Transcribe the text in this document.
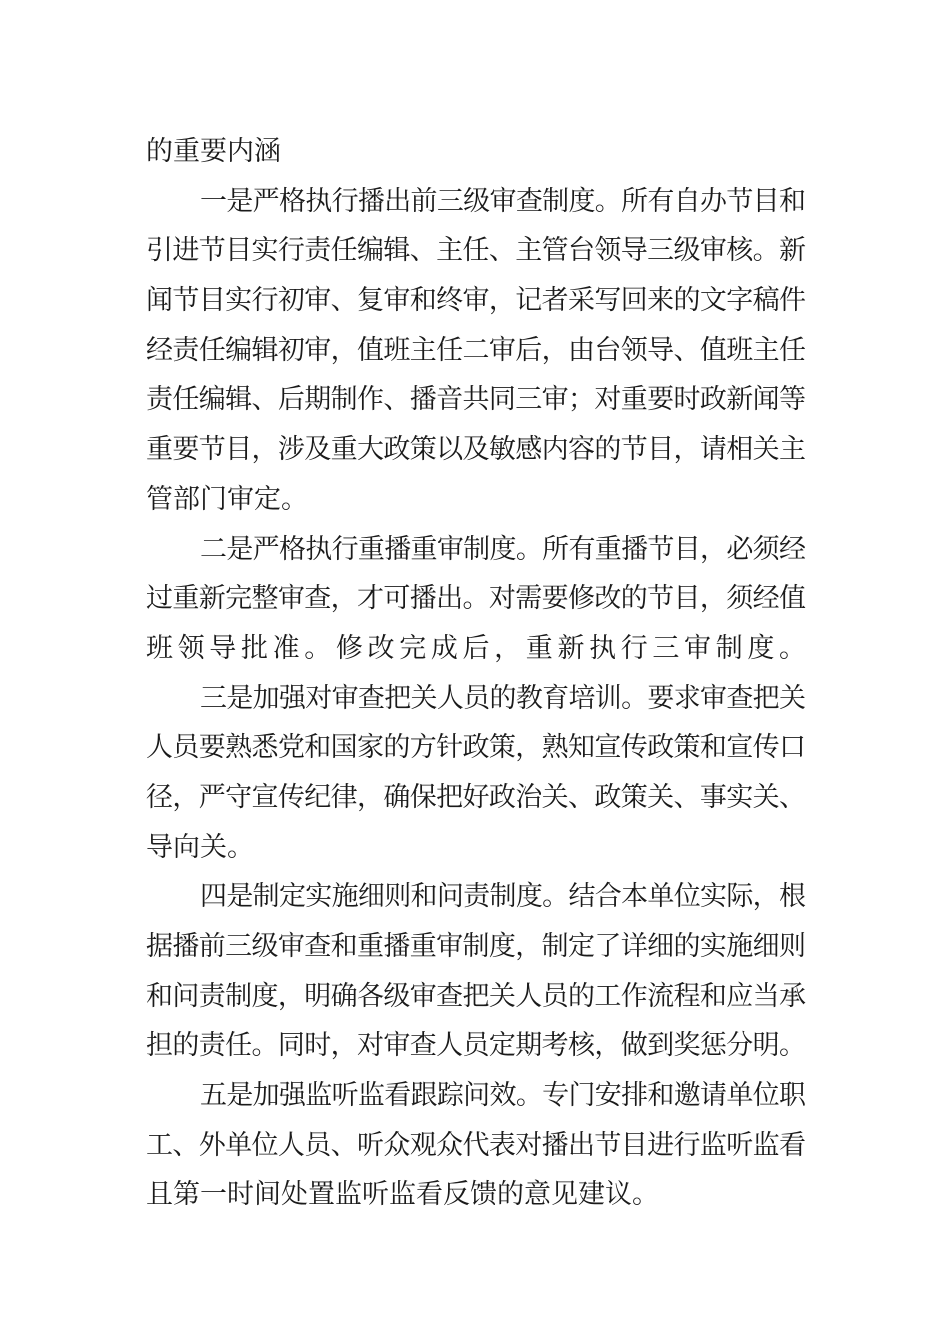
的重要内涵
一是严格执行播出前三级审查制度。所有自办节目和
引进节目实行责任编辑、主任、主管台领导三级审核。新
闻节目实行初审、复审和终审，记者采写回来的文字稿件
经责任编辑初审，值班主任二审后，由台领导、值班主任
责任编辑、后期制作、播音共同三审；对重要时政新闻等
重要节目，涉及重大政策以及敏感内容的节目，请相关主
管部门审定。
二是严格执行重播重审制度。所有重播节目，必须经
过重新完整审查，才可播出。对需要修改的节目，须经值
班领导批准。修改完成后，重新执行三审制度。
三是加强对审查把关人员的教育培训。要求审查把关
人员要熟悉党和国家的方针政策，熟知宣传政策和宣传口
径，严守宣传纪律，确保把好政治关、政策关、事实关、
导向关。
四是制定实施细则和问责制度。结合本单位实际，根
据播前三级审查和重播重审制度，制定了详细的实施细则
和问责制度，明确各级审查把关人员的工作流程和应当承
担的责任。同时，对审查人员定期考核，做到奖惩分明。
五是加强监听监看跟踪问效。专门安排和邀请单位职
工、外单位人员、听众观众代表对播出节目进行监听监看
且第一时间处置监听监看反馈的意见建议。
